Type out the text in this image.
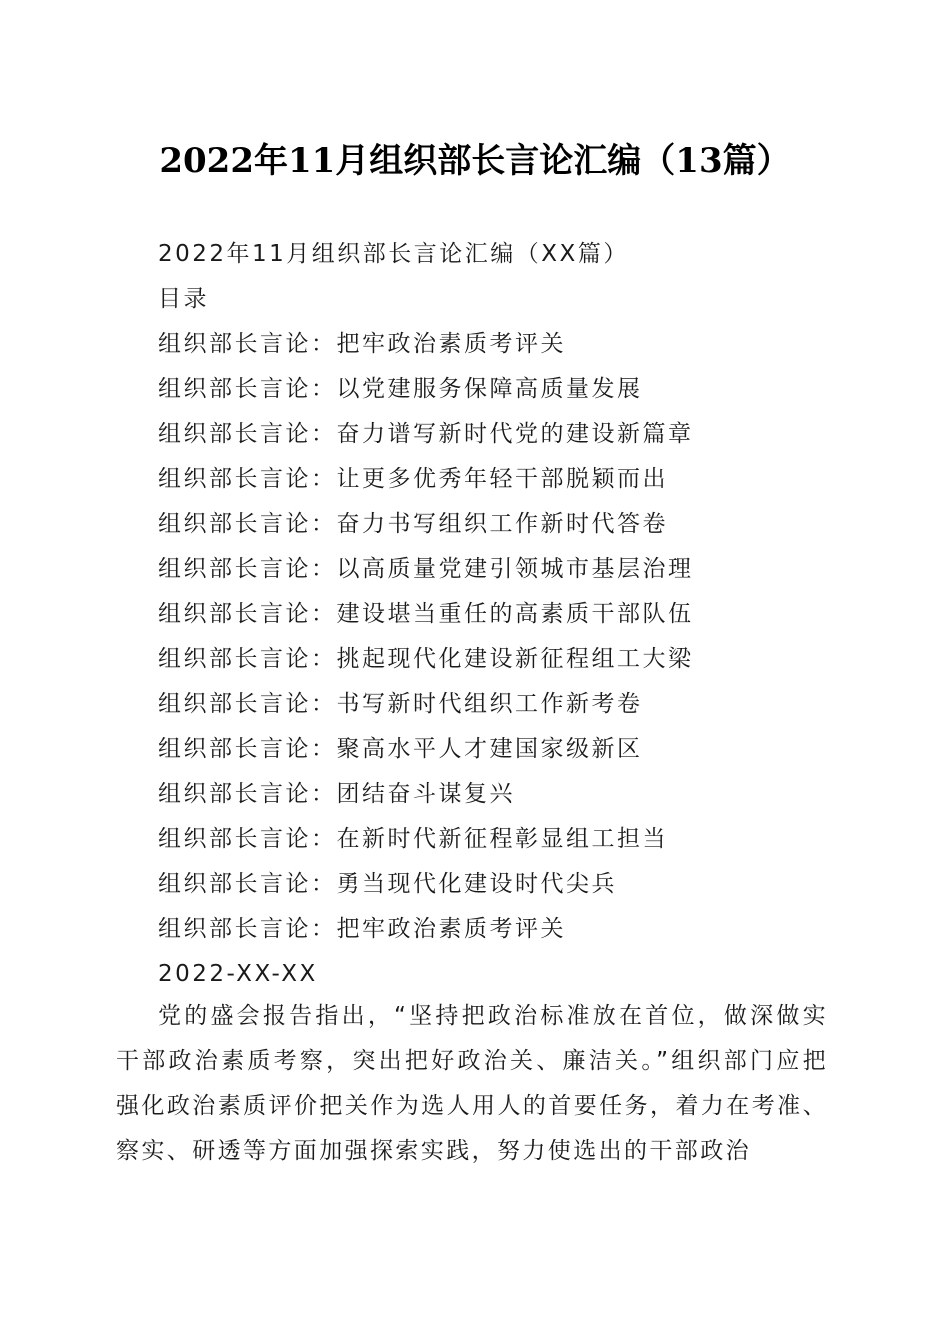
2022年11月组织部长言论汇编（13篇）
2022年11月组织部长言论汇编（XX篇）
目录
组织部长言论：把牢政治素质考评关
组织部长言论：以党建服务保障高质量发展
组织部长言论：奋力谱写新时代党的建设新篇章
组织部长言论：让更多优秀年轻干部脱颖而出
组织部长言论：奋力书写组织工作新时代答卷
组织部长言论：以高质量党建引领城市基层治理
组织部长言论：建设堪当重任的高素质干部队伍
组织部长言论：挑起现代化建设新征程组工大梁
组织部长言论：书写新时代组织工作新考卷
组织部长言论：聚高水平人才建国家级新区
组织部长言论：团结奋斗谋复兴
组织部长言论：在新时代新征程彰显组工担当
组织部长言论：勇当现代化建设时代尖兵
组织部长言论：把牢政治素质考评关
2022-XX-XX
党的盛会报告指出，“坚持把政治标准放在首位，做深做实干部政治素质考察，突出把好政治关、廉洁关。”组织部门应把强化政治素质评价把关作为选人用人的首要任务，着力在考准、察实、研透等方面加强探索实践，努力使选出的干部政治
